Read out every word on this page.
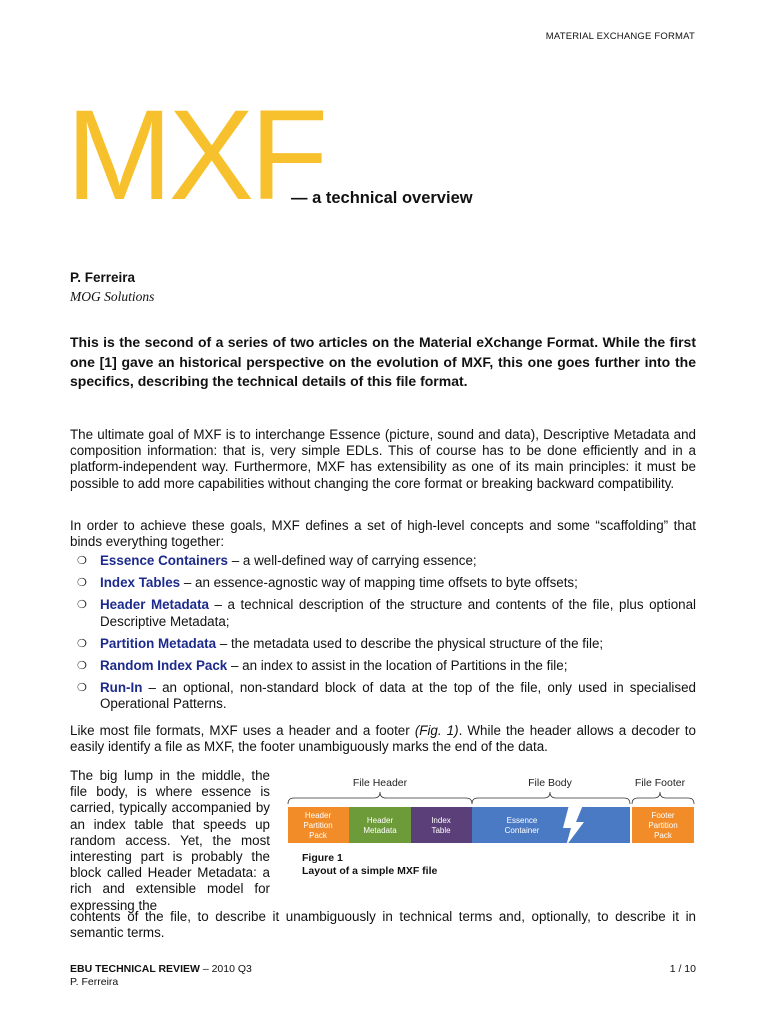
MATERIAL EXCHANGE FORMAT
MXF
— a technical overview
P. Ferreira
MOG Solutions
This is the second of a series of two articles on the Material eXchange Format. While the first one [1] gave an historical perspective on the evolution of MXF, this one goes further into the specifics, describing the technical details of this file format.
The ultimate goal of MXF is to interchange Essence (picture, sound and data), Descriptive Metadata and composition information: that is, very simple EDLs. This of course has to be done efficiently and in a platform-independent way. Furthermore, MXF has extensibility as one of its main principles: it must be possible to add more capabilities without changing the core format or breaking backward compatibility.
In order to achieve these goals, MXF defines a set of high-level concepts and some “scaffolding” that binds everything together:
❍ Essence Containers – a well-defined way of carrying essence;
❍ Index Tables – an essence-agnostic way of mapping time offsets to byte offsets;
❍ Header Metadata – a technical description of the structure and contents of the file, plus optional Descriptive Metadata;
❍ Partition Metadata – the metadata used to describe the physical structure of the file;
❍ Random Index Pack – an index to assist in the location of Partitions in the file;
❍ Run-In – an optional, non-standard block of data at the top of the file, only used in specialised Operational Patterns.
Like most file formats, MXF uses a header and a footer (Fig. 1). While the header allows a decoder to easily identify a file as MXF, the footer unambiguously marks the end of the data.
The big lump in the middle, the file body, is where essence is carried, typically accompanied by an index table that speeds up random access. Yet, the most interesting part is probably the block called Header Metadata: a rich and extensible model for expressing the
File Header	File Body	File Footer
Header
Partition
Pack
Header
Metadata
Index
Table
Essence
Container
Footer
Partition
Pack
Figure 1
Layout of a simple MXF file
contents of the file, to describe it unambiguously in technical terms and, optionally, to describe it in semantic terms.
EBU TECHNICAL REVIEW – 2010 Q3
P. Ferreira
1 / 10
